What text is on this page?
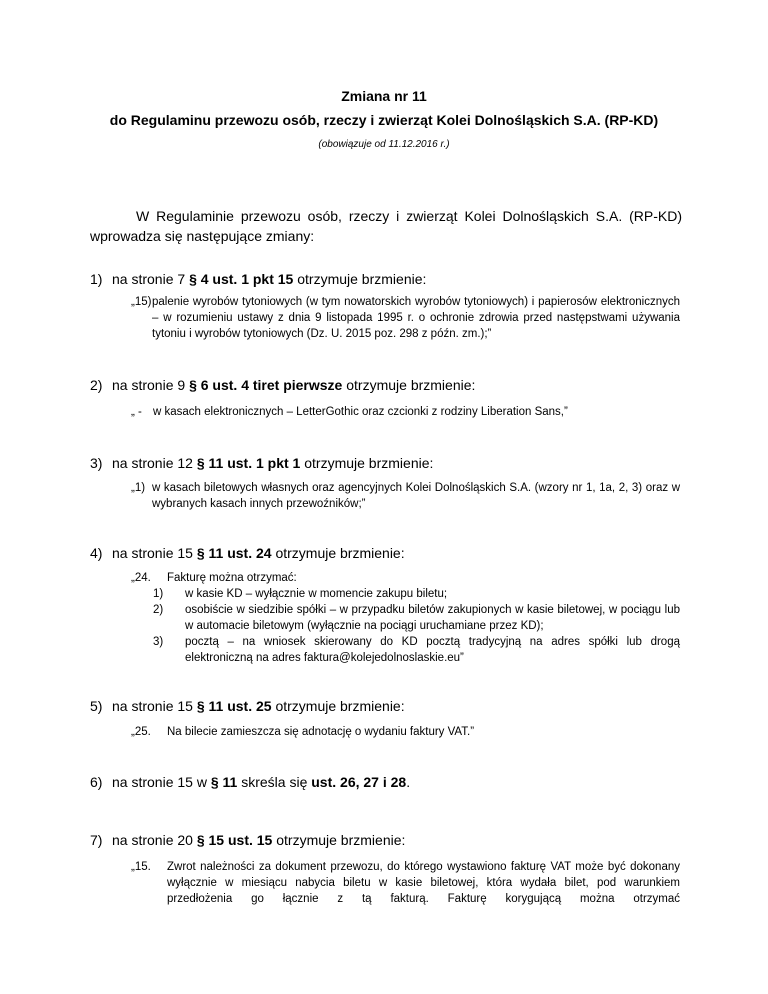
Zmiana nr 11
do Regulaminu przewozu osób, rzeczy i zwierząt Kolei Dolnośląskich S.A. (RP-KD)
(obowiązuje od 11.12.2016 r.)
W Regulaminie przewozu osób, rzeczy i zwierząt Kolei Dolnośląskich S.A. (RP-KD) wprowadza się następujące zmiany:
1) na stronie 7 § 4 ust. 1 pkt 15 otrzymuje brzmienie:
„15) palenie wyrobów tytoniowych (w tym nowatorskich wyrobów tytoniowych) i papierosów elektronicznych – w rozumieniu ustawy z dnia 9 listopada 1995 r. o ochronie zdrowia przed następstwami używania tytoniu i wyrobów tytoniowych (Dz. U. 2015 poz. 298 z późn. zm.);”
2) na stronie 9 § 6 ust. 4 tiret pierwsze otrzymuje brzmienie:
„ - w kasach elektronicznych – LetterGothic oraz czcionki z rodziny Liberation Sans,”
3) na stronie 12 § 11 ust. 1 pkt 1 otrzymuje brzmienie:
„1) w kasach biletowych własnych oraz agencyjnych Kolei Dolnośląskich S.A. (wzory nr 1, 1a, 2, 3) oraz w wybranych kasach innych przewoźników;”
4) na stronie 15 § 11 ust. 24 otrzymuje brzmienie:
„24. Fakturę można otrzymać:
1) w kasie KD – wyłącznie w momencie zakupu biletu;
2) osobiście w siedzibie spółki – w przypadku biletów zakupionych w kasie biletowej, w pociągu lub w automacie biletowym (wyłącznie na pociągi uruchamiane przez KD);
3) pocztą – na wniosek skierowany do KD pocztą tradycyjną na adres spółki lub drogą elektroniczną na adres faktura@kolejedolnoslaskie.eu”
5) na stronie 15 § 11 ust. 25 otrzymuje brzmienie:
„25. Na bilecie zamieszcza się adnotację o wydaniu faktury VAT.”
6) na stronie 15 w § 11 skreśla się ust. 26, 27 i 28.
7) na stronie 20 § 15 ust. 15 otrzymuje brzmienie:
„15. Zwrot należności za dokument przewozu, do którego wystawiono fakturę VAT może być dokonany wyłącznie w miesiącu nabycia biletu w kasie biletowej, która wydała bilet, pod warunkiem przedłożenia go łącznie z tą fakturą. Fakturę korygującą można otrzymać
